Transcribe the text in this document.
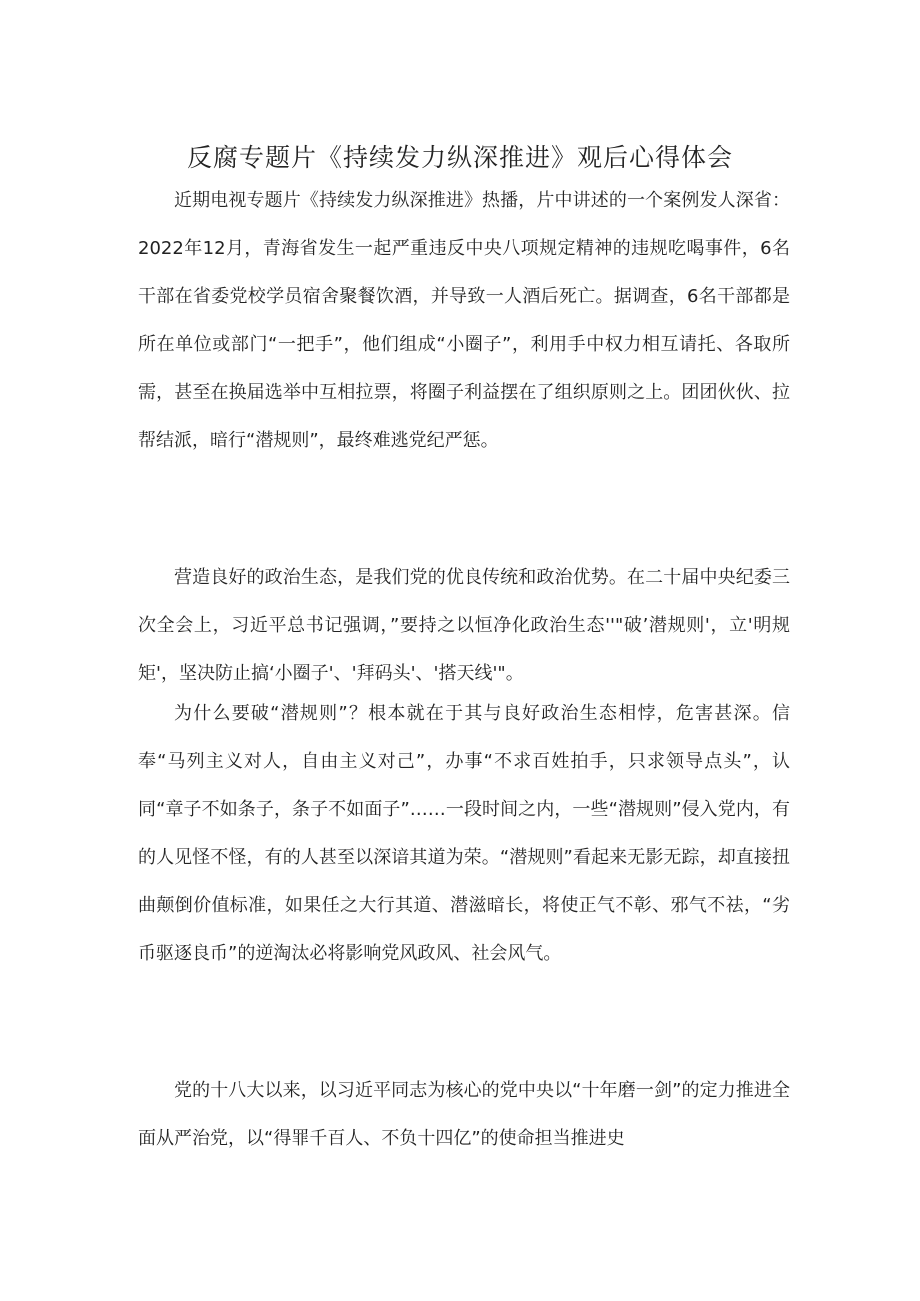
反腐专题片《持续发力纵深推进》观后心得体会

近期电视专题片《持续发力纵深推进》热播，片中讲述的一个案例发人深省：2022年12月，青海省发生一起严重违反中央八项规定精神的违规吃喝事件，6名干部在省委党校学员宿舍聚餐饮酒，并导致一人酒后死亡。据调查，6名干部都是所在单位或部门“一把手”，他们组成“小圈子”，利用手中权力相互请托、各取所需，甚至在换届选举中互相拉票，将圈子利益摆在了组织原则之上。团团伙伙、拉帮结派，暗行“潜规则”，最终难逃党纪严惩。

营造良好的政治生态，是我们党的优良传统和政治优势。在二十届中央纪委三次全会上，习近平总书记强调，”要持之以恒净化政治生态''"破’潜规则'，立'明规矩'，坚决防止搞‘小圈子'、'拜码头'、'搭天线'"。

为什么要破“潜规则”？根本就在于其与良好政治生态相悖，危害甚深。信奉“马列主义对人，自由主义对己”，办事“不求百姓拍手，只求领导点头”，认同“章子不如条子，条子不如面子”……一段时间之内，一些“潜规则”侵入党内，有的人见怪不怪，有的人甚至以深谙其道为荣。“潜规则”看起来无影无踪，却直接扭曲颠倒价值标准，如果任之大行其道、潜滋暗长，将使正气不彰、邪气不祛，“劣币驱逐良币”的逆淘汰必将影响党风政风、社会风气。

党的十八大以来，以习近平同志为核心的党中央以“十年磨一剑”的定力推进全面从严治党，以“得罪千百人、不负十四亿”的使命担当推进史
